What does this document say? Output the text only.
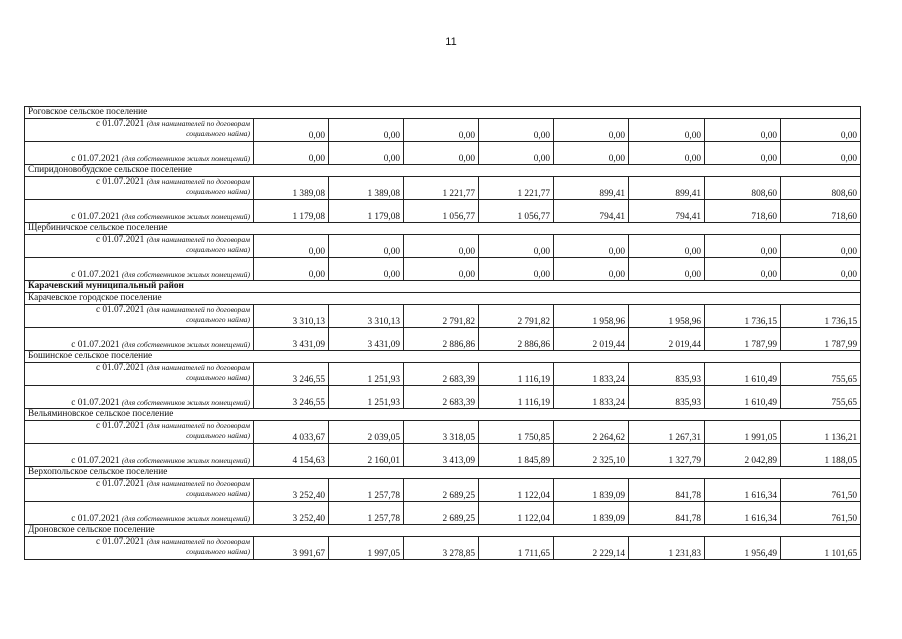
11
Роговское сельское поселение								
с 01.07.2021 (для нанимателей по договорам
социального найма)	0,00	0,00	0,00	0,00	0,00	0,00	0,00	0,00
с 01.07.2021 (для собственников жилых помещений)	0,00	0,00	0,00	0,00	0,00	0,00	0,00	0,00
Спиридоновобудское сельское поселение								
с 01.07.2021 (для нанимателей по договорам
социального найма)	1 389,08	1 389,08	1 221,77	1 221,77	899,41	899,41	808,60	808,60
с 01.07.2021 (для собственников жилых помещений)	1 179,08	1 179,08	1 056,77	1 056,77	794,41	794,41	718,60	718,60
Щербиничское сельское поселение								
с 01.07.2021 (для нанимателей по договорам
социального найма)	0,00	0,00	0,00	0,00	0,00	0,00	0,00	0,00
с 01.07.2021 (для собственников жилых помещений)	0,00	0,00	0,00	0,00	0,00	0,00	0,00	0,00
Карачевский муниципальный район								
Карачевское городское поселение								
с 01.07.2021 (для нанимателей по договорам
социального найма)	3 310,13	3 310,13	2 791,82	2 791,82	1 958,96	1 958,96	1 736,15	1 736,15
с 01.07.2021 (для собственников жилых помещений)	3 431,09	3 431,09	2 886,86	2 886,86	2 019,44	2 019,44	1 787,99	1 787,99
Бошинское сельское поселение								
с 01.07.2021 (для нанимателей по договорам
социального найма)	3 246,55	1 251,93	2 683,39	1 116,19	1 833,24	835,93	1 610,49	755,65
с 01.07.2021 (для собственников жилых помещений)	3 246,55	1 251,93	2 683,39	1 116,19	1 833,24	835,93	1 610,49	755,65
Вельяминовское сельское поселение								
с 01.07.2021 (для нанимателей по договорам
социального найма)	4 033,67	2 039,05	3 318,05	1 750,85	2 264,62	1 267,31	1 991,05	1 136,21
с 01.07.2021 (для собственников жилых помещений)	4 154,63	2 160,01	3 413,09	1 845,89	2 325,10	1 327,79	2 042,89	1 188,05
Верхопольское сельское поселение								
с 01.07.2021 (для нанимателей по договорам
социального найма)	3 252,40	1 257,78	2 689,25	1 122,04	1 839,09	841,78	1 616,34	761,50
с 01.07.2021 (для собственников жилых помещений)	3 252,40	1 257,78	2 689,25	1 122,04	1 839,09	841,78	1 616,34	761,50
Дроновское сельское поселение								
с 01.07.2021 (для нанимателей по договорам
социального найма)	3 991,67	1 997,05	3 278,85	1 711,65	2 229,14	1 231,83	1 956,49	1 101,65
